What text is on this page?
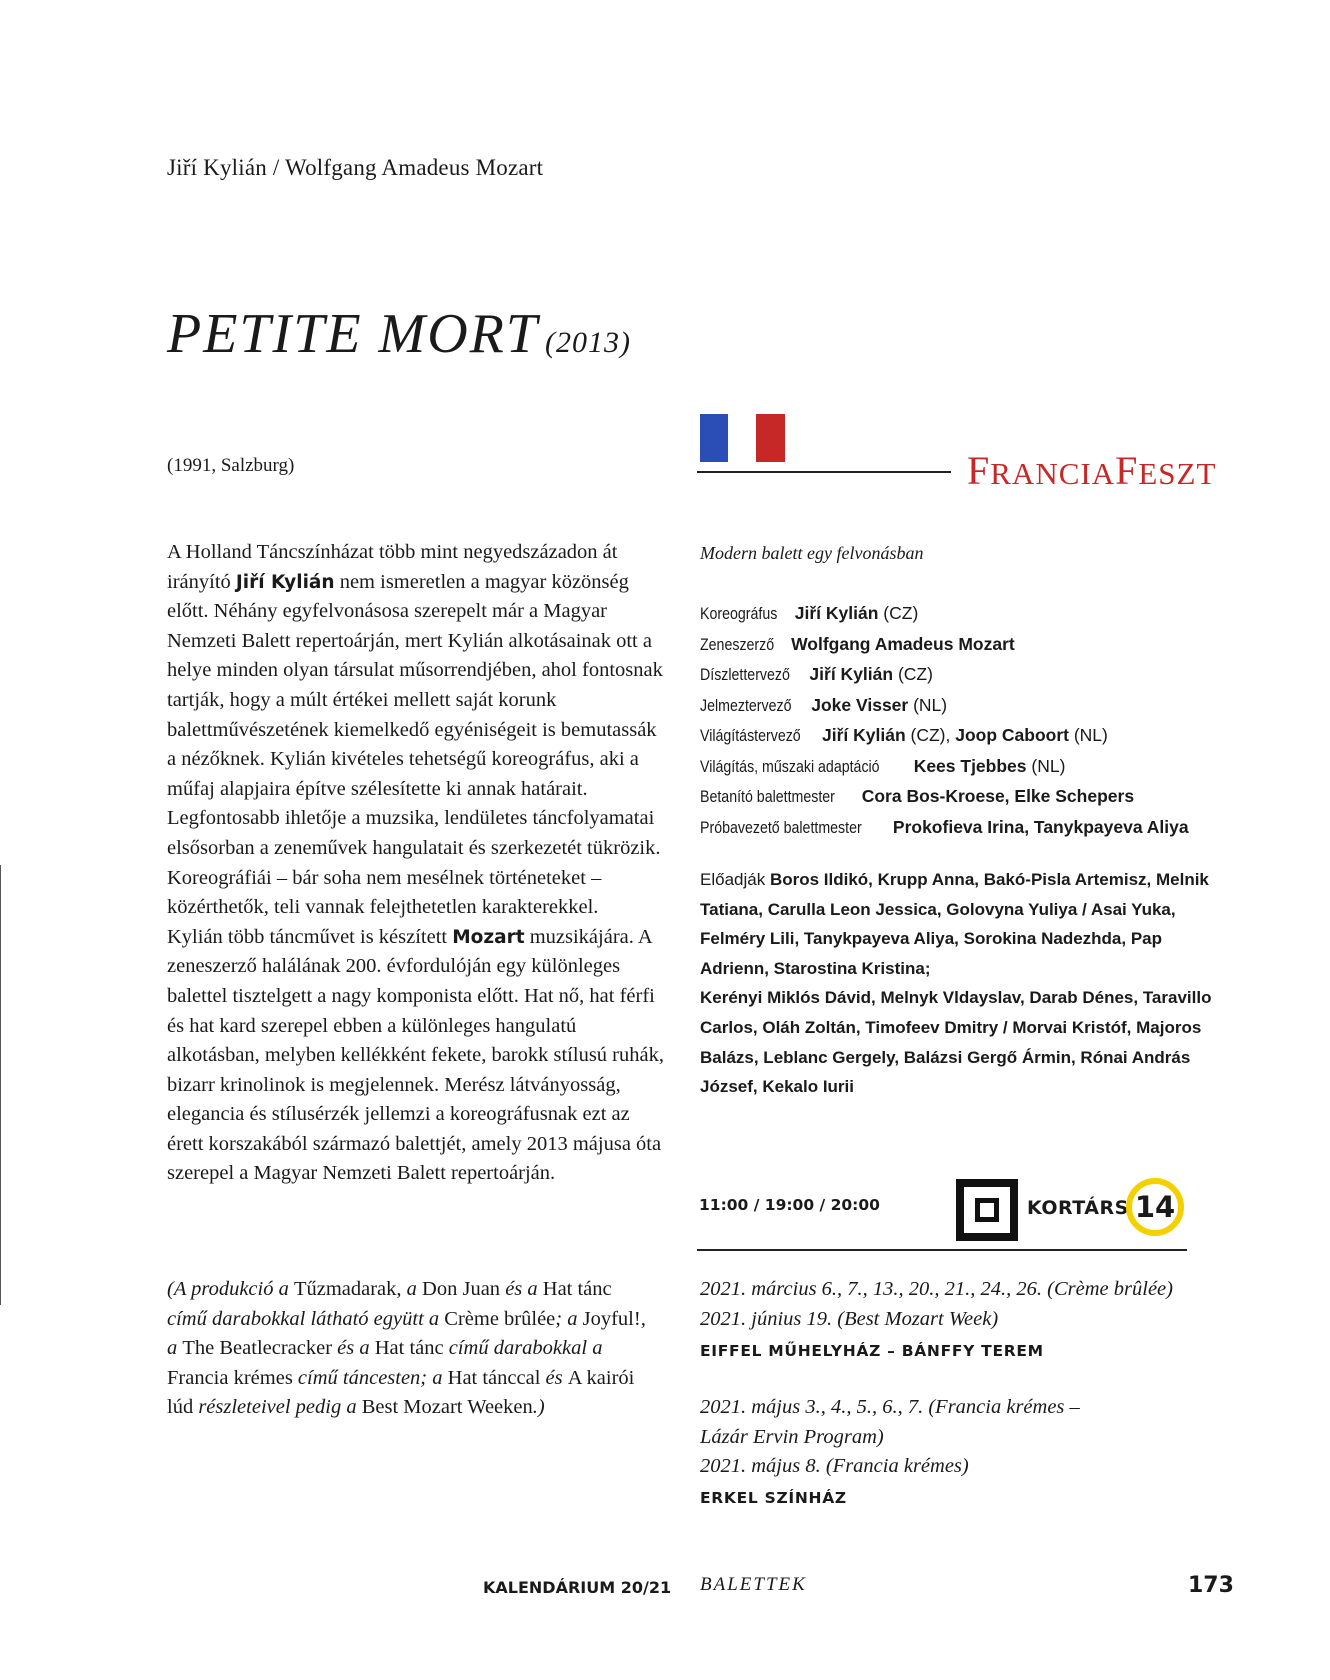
Jiří Kylián / Wolfgang Amadeus Mozart
PETITE MORT (2013)
(1991, Salzburg)	FRANCIAFESZT

A Holland Táncszínházat több mint negyedszázadon át irányító Jiří Kylián nem ismeretlen a magyar közönség előtt. Néhány egyfelvonásosa szerepelt már a Magyar Nemzeti Balett repertoárján, mert Kylián alkotásainak ott a helye minden olyan társulat műsorrendjében, ahol fontosnak tartják, hogy a múlt értékei mellett saját korunk balettművészetének kiemelkedő egyéniségeit is bemutassák a nézőknek. Kylián kivételes tehetségű koreográfus, aki a műfaj alapjaira építve szélesítette ki annak határait. Legfontosabb ihletője a muzsika, lendületes táncfolyamatai elsősorban a zeneművek hangulatait és szerkezetét tükrözik. Koreográfiái – bár soha nem mesélnek történeteket – közérthetők, teli vannak felejthetetlen karakterekkel.

Kylián több táncművet is készített Mozart muzsikájára. A zeneszerző halálának 200. évfordulóján egy különleges balettel tisztelgett a nagy komponista előtt. Hat nő, hat férfi és hat kard szerepel ebben a különleges hangulatú alkotásban, melyben kellékként fekete, barokk stílusú ruhák, bizarr krinolinok is megjelennek. Merész látványosság, elegancia és stílusérzék jellemzi a koreográfusnak ezt az érett korszakából származó balettjét, amely 2013 májusa óta szerepel a Magyar Nemzeti Balett repertoárján.

(A produkció a Tűzmadarak, a Don Juan és a Hat tánc című darabokkal látható együtt a Crème brûlée; a Joyful!, a The Beatlecracker és a Hat tánc című darabokkal a Francia krémes című táncesten; a Hat tánccal és A kairói lúd részleteivel pedig a Best Mozart Weeken.)
Modern balett egy felvonásban
Koreográfus Jiří Kylián (CZ)
Zeneszerző Wolfgang Amadeus Mozart
Díszlettervező Jiří Kylián (CZ)
Jelmeztervező Joke Visser (NL)
Világítástervező Jiří Kylián (CZ), Joop Caboort (NL)
Világítás, műszaki adaptáció Kees Tjebbes (NL)
Betanító balettmester Cora Bos-Kroese, Elke Schepers
Próbavezető balettmester Prokofieva Irina, Tanykpayeva Aliya
Előadják Boros Ildikó, Krupp Anna, Bakó-Pisla Artemisz, Melnik Tatiana, Carulla Leon Jessica, Golovyna Yuliya / Asai Yuka, Felméry Lili, Tanykpayeva Aliya, Sorokina Nadezhda, Pap Adrienn, Starostina Kristina;
Kerényi Miklós Dávid, Melnyk Vldayslav, Darab Dénes, Taravillo Carlos, Oláh Zoltán, Timofeev Dmitry / Morvai Kristóf, Majoros Balázs, Leblanc Gergely, Balázsi Gergő Ármin, Rónai András József, Kekalo Iurii
11:00 / 19:00 / 20:00	KORTÁRS 14
2021. március 6., 7., 13., 20., 21., 24., 26. (Crème brûlée)
2021. június 19. (Best Mozart Week)
EIFFEL MŰHELYHÁZ – BÁNFFY TEREM
2021. május 3., 4., 5., 6., 7. (Francia krémes –
Lázár Ervin Program)
2021. május 8. (Francia krémes)
ERKEL SZÍNHÁZ
KALENDÁRIUM 20/21 BALETTEK	173
